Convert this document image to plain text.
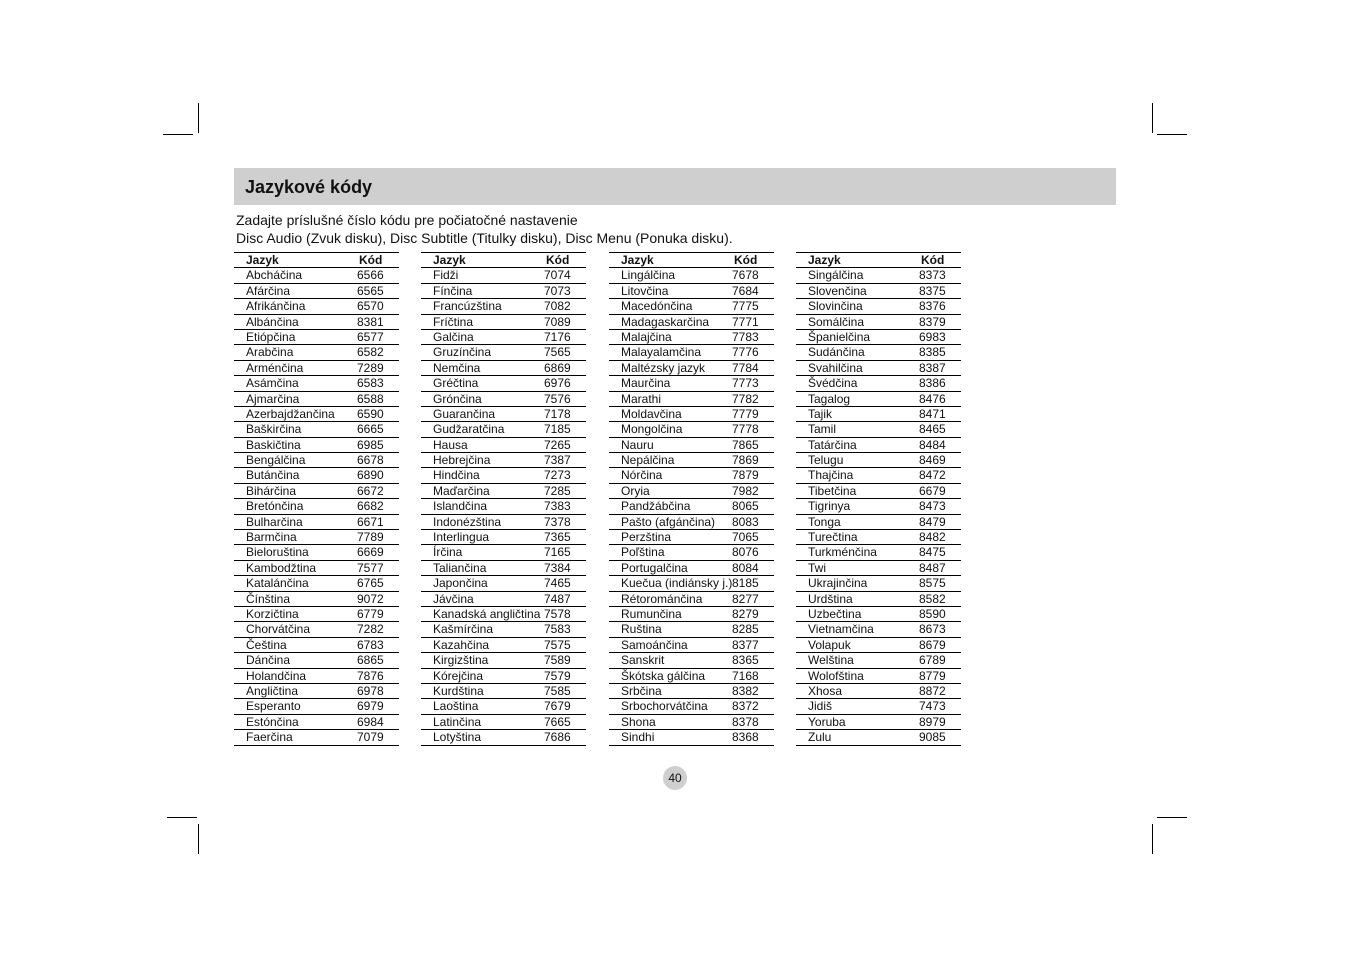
Jazykové kódy
Zadajte príslušné číslo kódu pre počiatočné nastavenie
Disc Audio (Zvuk disku), Disc Subtitle (Titulky disku), Disc Menu (Ponuka disku).
Jazyk	Kód
Abcháčina	6566
Afárčina	6565
Afrikánčina	6570
Albánčina	8381
Etiópčina	6577
Arabčina	6582
Arménčina	7289
Asámčina	6583
Ajmarčina	6588
Azerbajdžančina 6590
Baškirčina	6665
Baskičtina	6985
Bengálčina	6678
Butánčina	6890
Bihárčina	6672
Bretónčina	6682
Bulharčina	6671
Barmčina	7789
Bieloruština	6669
Kambodžtina	7577
Katalánčina	6765
Čínština	9072
Korzičtina	6779
Chorvátčina	7282
Čeština	6783
Dánčina	6865
Holandčina	7876
Angličtina	6978
Esperanto	6979
Estónčina	6984
Faerčina	7079
Jazyk	Kód
Fidži	7074
Fínčina	7073
Francúzština	7082
Fríčtina	7089
Galčina	7176
Gruzínčina	7565
Nemčina	6869
Gréčtina	6976
Grónčina	7576
Guarančina	7178
Gudžaratčina	7185
Hausa	7265
Hebrejčina	7387
Hindčina	7273
Maďarčina	7285
Islandčina	7383
Indonézština	7378
Interlingua	7365
Írčina	7165
Taliančina	7384
Japončina	7465
Jávčina	7487
Kanadská angličtina 7578
Kašmírčina	7583
Kazahčina	7575
Kirgizština	7589
Kórejčina	7579
Kurdština	7585
Laoština	7679
Latinčina	7665
Lotyština	7686
Jazyk	Kód
Lingálčina	7678
Litovčina	7684
Macedónčina	7775
Madagaskarčina 7771
Malajčina	7783
Malayalamčina	7776
Maltézsky jazyk 7784
Maurčina	7773
Marathi	7782
Moldavčina	7779
Mongolčina	7778
Nauru	7865
Nepálčina	7869
Nórčina	7879
Oryia	7982
Pandžábčina	8065
Pašto (afgánčina) 8083
Perzština	7065
Poľština	8076
Portugalčina	8084
Kuečua (indiánsky j.) 8185
Rétorománčina 8277
Rumunčina	8279
Ruština	8285
Samoánčina	8377
Sanskrit	8365
Škótska gálčina 7168
Srbčina	8382
Srbochorvátčina 8372
Shona	8378
Sindhi	8368
Jazyk	Kód
Singálčina	8373
Slovenčina	8375
Slovinčina	8376
Somálčina	8379
Španielčina	6983
Sudánčina	8385
Svahilčina	8387
Švédčina	8386
Tagalog	8476
Tajik	8471
Tamil	8465
Tatárčina	8484
Telugu	8469
Thajčina	8472
Tibetčina	6679
Tigrinya	8473
Tonga	8479
Turečtina	8482
Turkménčina	8475
Twi	8487
Ukrajinčina	8575
Urdština	8582
Uzbečtina	8590
Vietnamčina	8673
Volapuk	8679
Welština	6789
Wolofština	8779
Xhosa	8872
Jidiš	7473
Yoruba	8979
Zulu	9085
40
